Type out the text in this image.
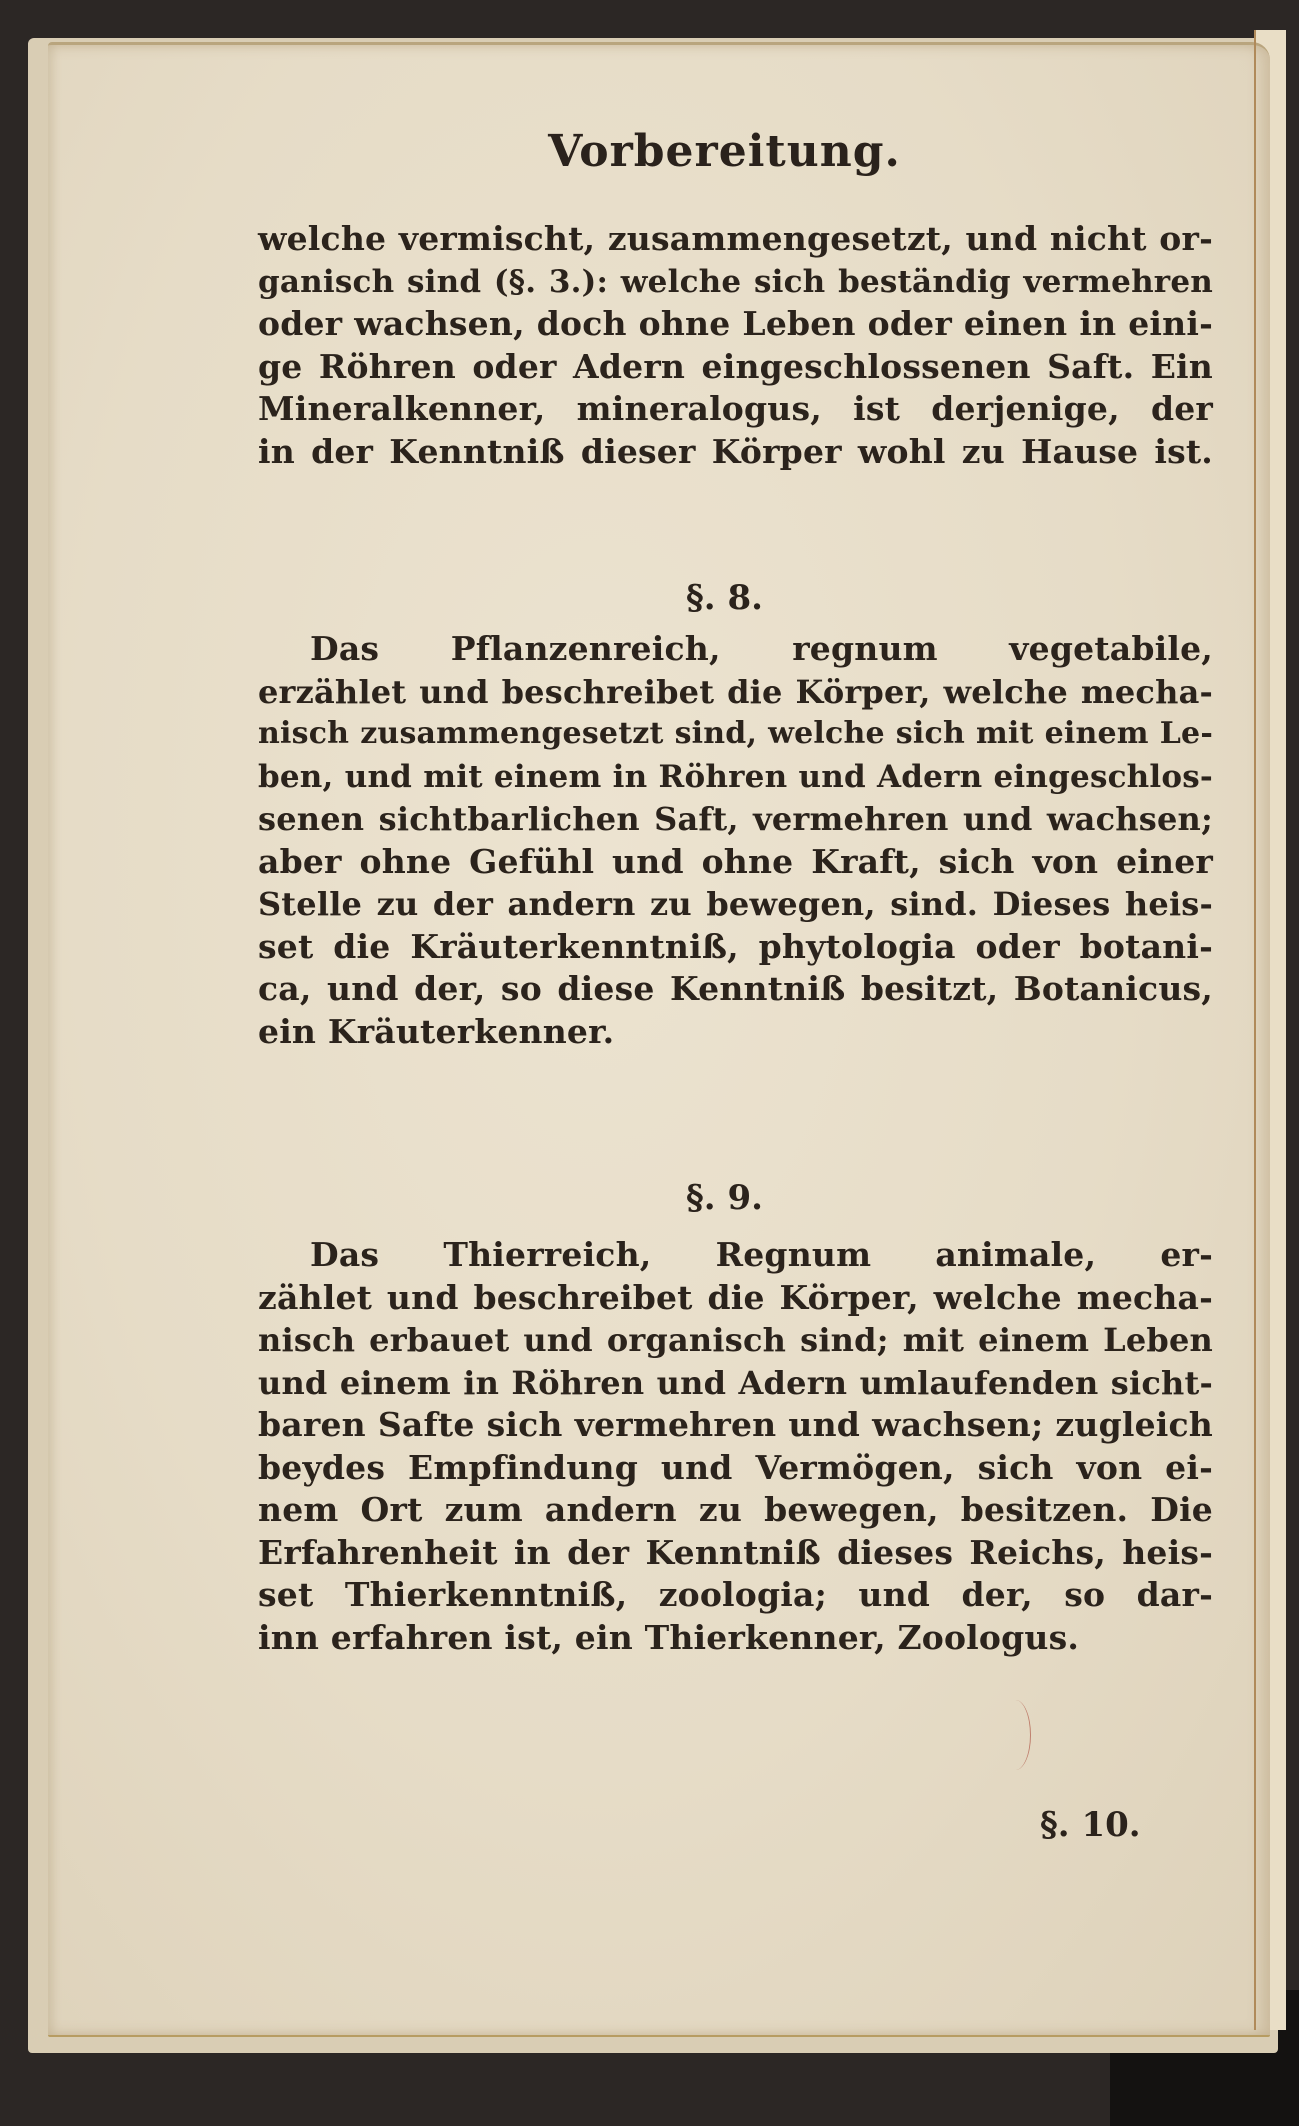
Vorbereitung.
welche vermischt, zusammengesetzt, und nicht or-
ganisch sind (§. 3.): welche sich beständig vermehren
oder wachsen, doch ohne Leben oder einen in eini-
ge Röhren oder Adern eingeschlossenen Saft. Ein
Mineralkenner, mineralogus, ist derjenige, der
in der Kenntniß dieser Körper wohl zu Hause ist.
§. 8.
Das Pflanzenreich, regnum vegetabile,
erzählet und beschreibet die Körper, welche mecha-
nisch zusammengesetzt sind, welche sich mit einem Le-
ben, und mit einem in Röhren und Adern eingeschlos-
senen sichtbarlichen Saft, vermehren und wachsen;
aber ohne Gefühl und ohne Kraft, sich von einer
Stelle zu der andern zu bewegen, sind. Dieses heis-
set die Kräuterkenntniß, phytologia oder botani-
ca, und der, so diese Kenntniß besitzt, Botanicus,
ein Kräuterkenner.
§. 9.
Das Thierreich, Regnum animale, er-
zählet und beschreibet die Körper, welche mecha-
nisch erbauet und organisch sind; mit einem Leben
und einem in Röhren und Adern umlaufenden sicht-
baren Safte sich vermehren und wachsen; zugleich
beydes Empfindung und Vermögen, sich von ei-
nem Ort zum andern zu bewegen, besitzen. Die
Erfahrenheit in der Kenntniß dieses Reichs, heis-
set Thierkenntniß, zoologia; und der, so dar-
inn erfahren ist, ein Thierkenner, Zoologus.
§. 10.
